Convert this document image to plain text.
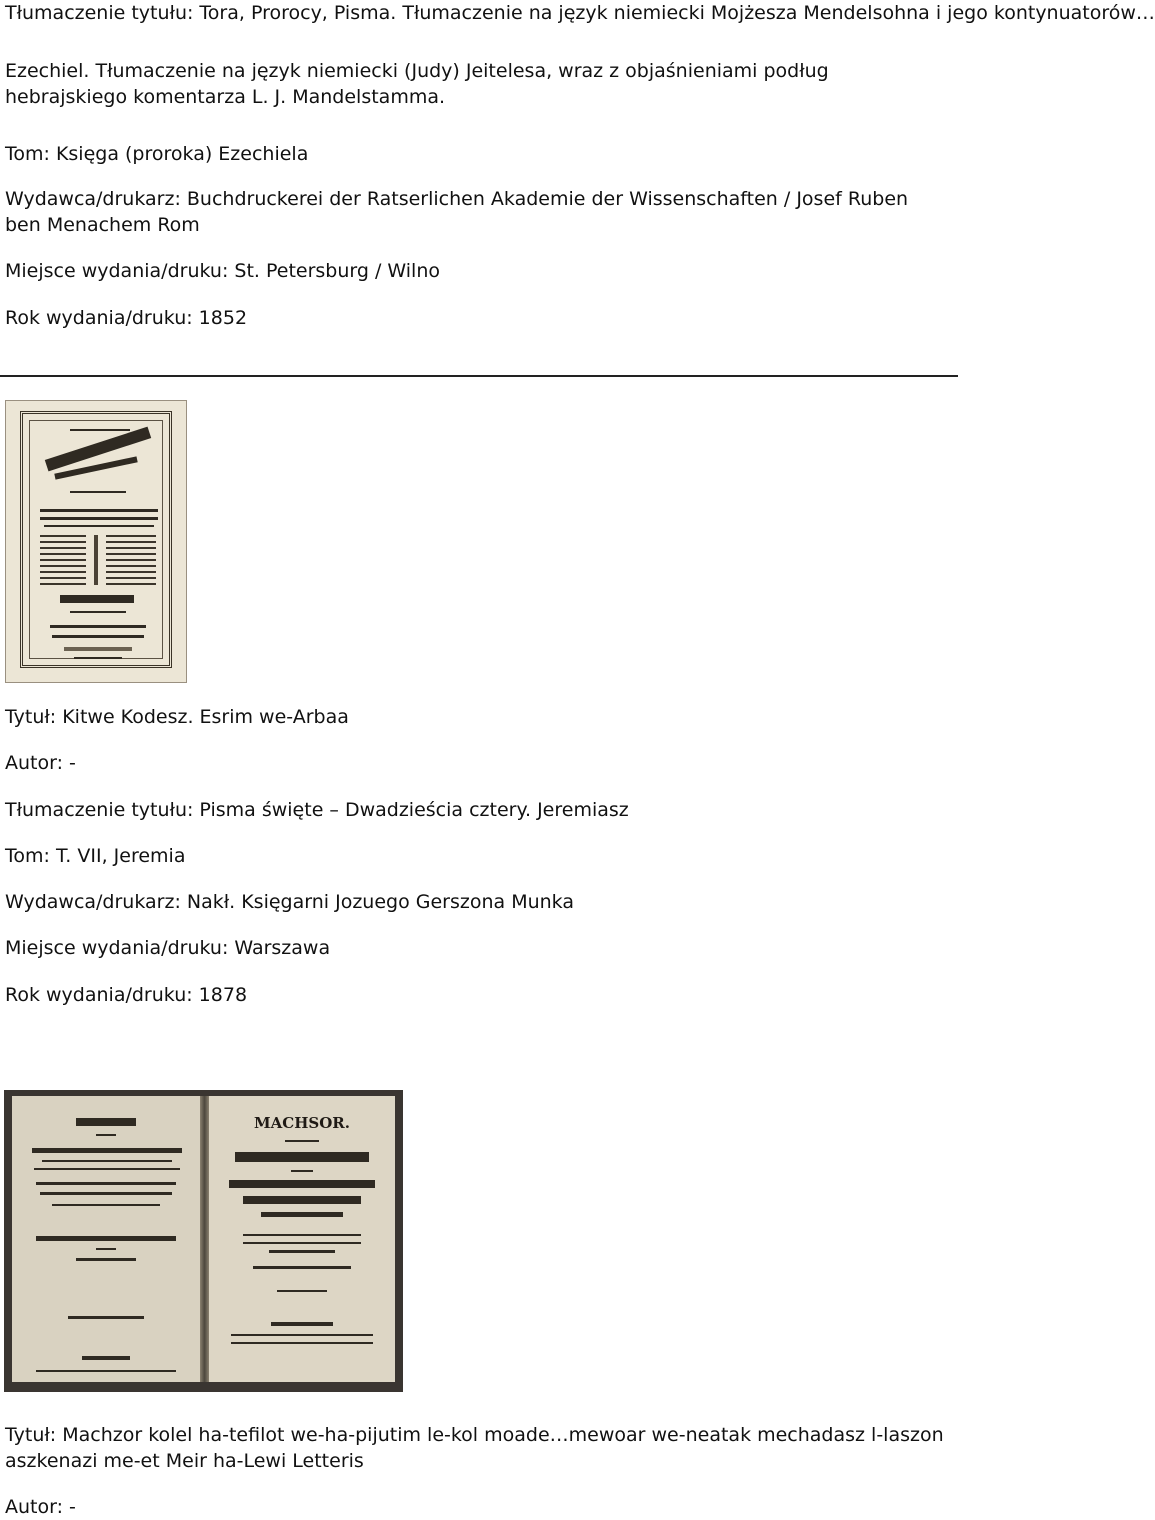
Tłumaczenie tytułu: Tora, Prorocy, Pisma. Tłumaczenie na język niemiecki Mojżesza Mendelsohna i jego kontynuatorów…
Ezechiel. Tłumaczenie na język niemiecki (Judy) Jeitelesa, wraz z objaśnieniami podług hebrajskiego komentarza L. J. Mandelstamma.
Tom: Księga (proroka) Ezechiela
Wydawca/drukarz: Buchdruckerei der Ratserlichen Akademie der Wissenschaften / Josef Ruben ben Menachem Rom
Miejsce wydania/druku: St. Petersburg / Wilno
Rok wydania/druku: 1852
Tytuł: Kitwe Kodesz. Esrim we-Arbaa
Autor: -
Tłumaczenie tytułu: Pisma święte – Dwadzieścia cztery. Jeremiasz
Tom: T. VII, Jeremia
Wydawca/drukarz: Nakł. Księgarni Jozuego Gerszona Munka
Miejsce wydania/druku: Warszawa
Rok wydania/druku: 1878
MACHSOR.
Tytuł: Machzor kolel ha-tefilot we-ha-pijutim le-kol moade…mewoar we-neatak mechadasz l-laszon aszkenazi me-et Meir ha-Lewi Letteris
Autor: -
